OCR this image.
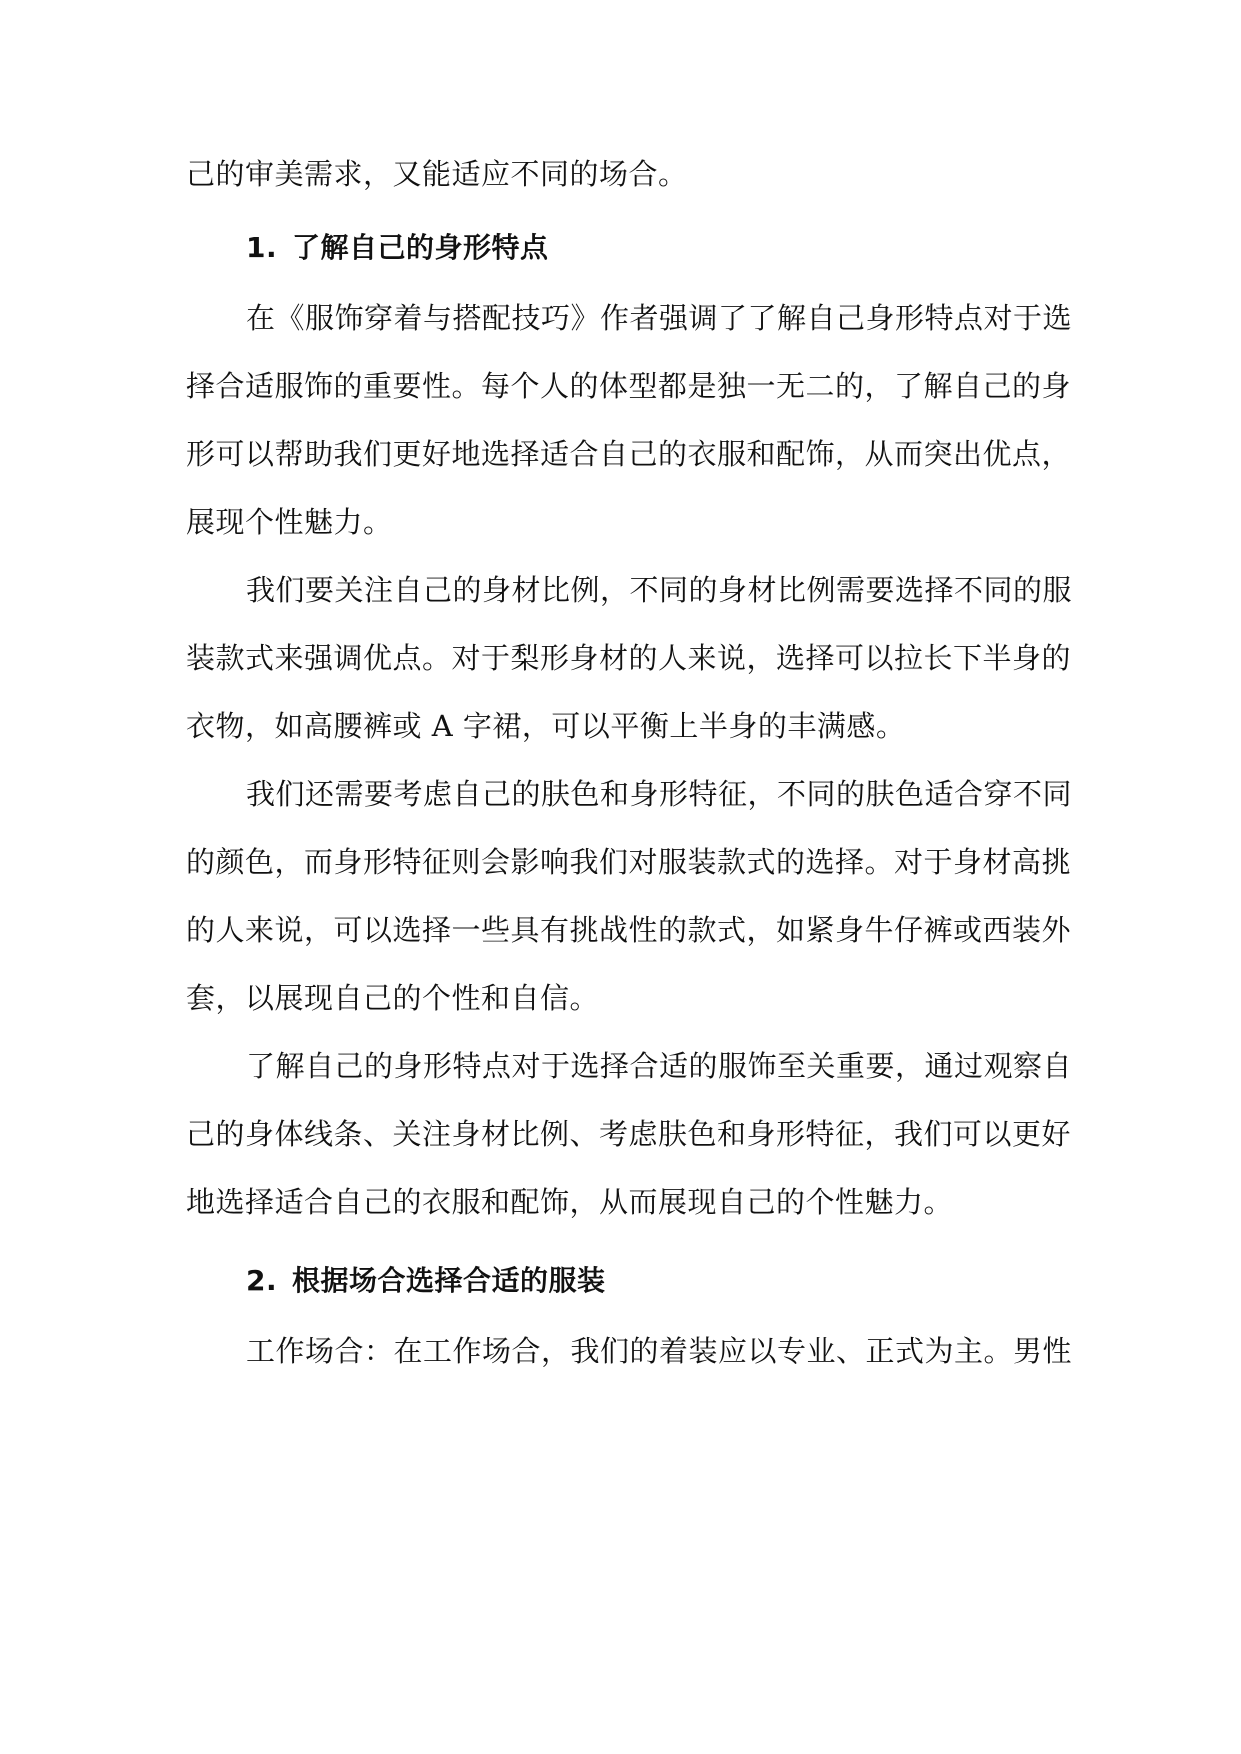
己的审美需求，又能适应不同的场合。
1. 了解自己的身形特点
在《服饰穿着与搭配技巧》作者强调了了解自己身形特点对于选
择合适服饰的重要性。每个人的体型都是独一无二的，了解自己的身
形可以帮助我们更好地选择适合自己的衣服和配饰，从而突出优点，
展现个性魅力。
我们要关注自己的身材比例，不同的身材比例需要选择不同的服
装款式来强调优点。对于梨形身材的人来说，选择可以拉长下半身的
衣物，如高腰裤或 A 字裙，可以平衡上半身的丰满感。
我们还需要考虑自己的肤色和身形特征，不同的肤色适合穿不同
的颜色，而身形特征则会影响我们对服装款式的选择。对于身材高挑
的人来说，可以选择一些具有挑战性的款式，如紧身牛仔裤或西装外
套，以展现自己的个性和自信。
了解自己的身形特点对于选择合适的服饰至关重要，通过观察自
己的身体线条、关注身材比例、考虑肤色和身形特征，我们可以更好
地选择适合自己的衣服和配饰，从而展现自己的个性魅力。
2. 根据场合选择合适的服装
工作场合：在工作场合，我们的着装应以专业、正式为主。男性
